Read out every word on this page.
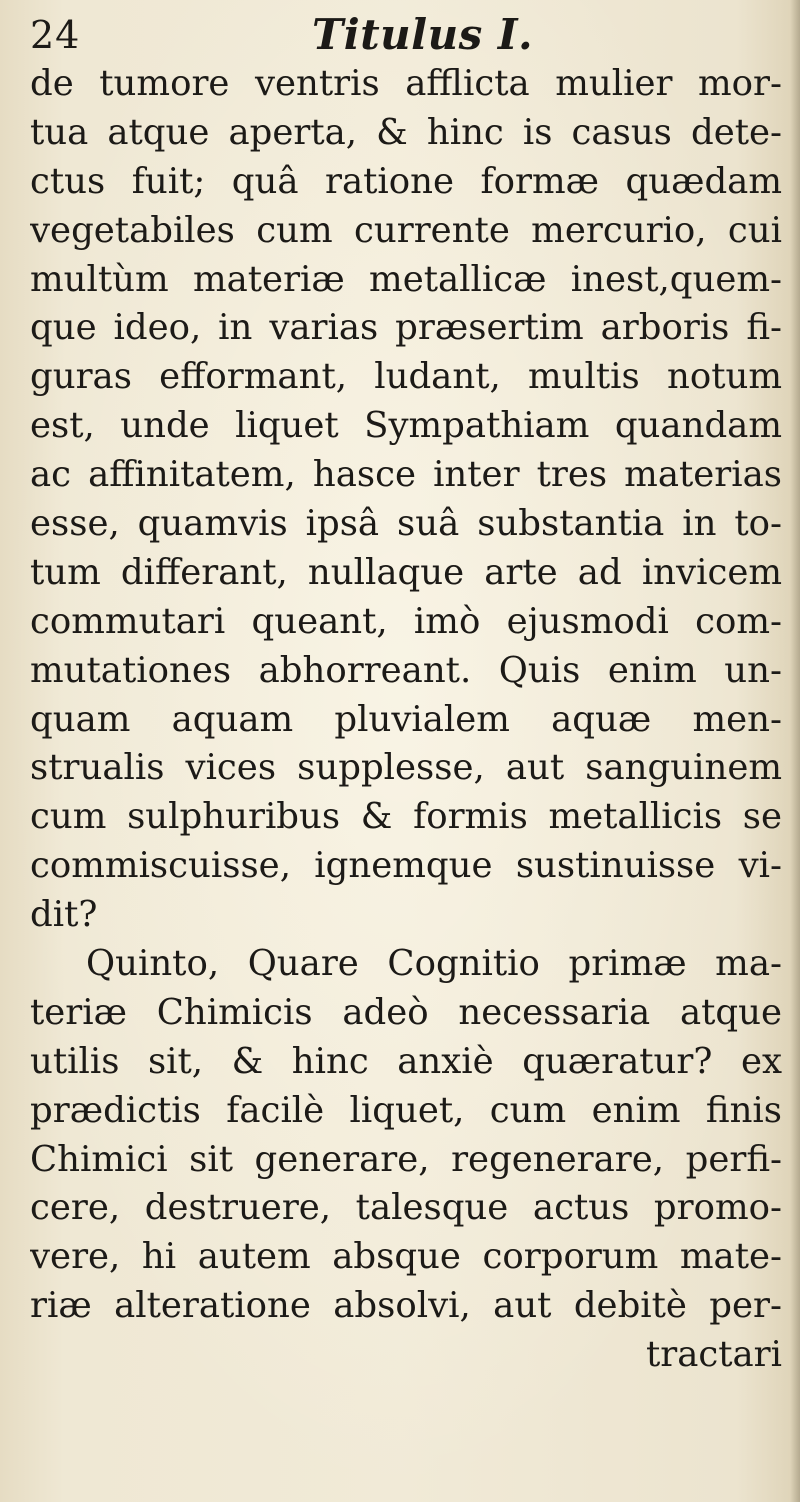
24	Titulus I.
de tumore ventris afflicta mulier mor-
tua atque aperta, & hinc is casus dete-
ctus fuit; quâ ratione formæ quædam
vegetabiles cum currente mercurio, cui
multùm materiæ metallicæ inest,quem-
que ideo, in varias præsertim arboris fi-
guras efformant, ludant, multis notum
est, unde liquet Sympathiam quandam
ac affinitatem, hasce inter tres materias
esse, quamvis ipsâ suâ substantia in to-
tum differant, nullaque arte ad invicem
commutari queant, imò ejusmodi com-
mutationes abhorreant. Quis enim un-
quam aquam pluvialem aquæ men-
strualis vices supplesse, aut sanguinem
cum sulphuribus & formis metallicis se
commiscuisse, ignemque sustinuisse vi-
dit?
Quinto, Quare Cognitio primæ ma-
teriæ Chimicis adeò necessaria atque
utilis sit, & hinc anxiè quæratur? ex
prædictis facilè liquet, cum enim finis
Chimici sit generare, regenerare, perfi-
cere, destruere, talesque actus promo-
vere, hi autem absque corporum mate-
riæ alteratione absolvi, aut debitè per-
tractari
